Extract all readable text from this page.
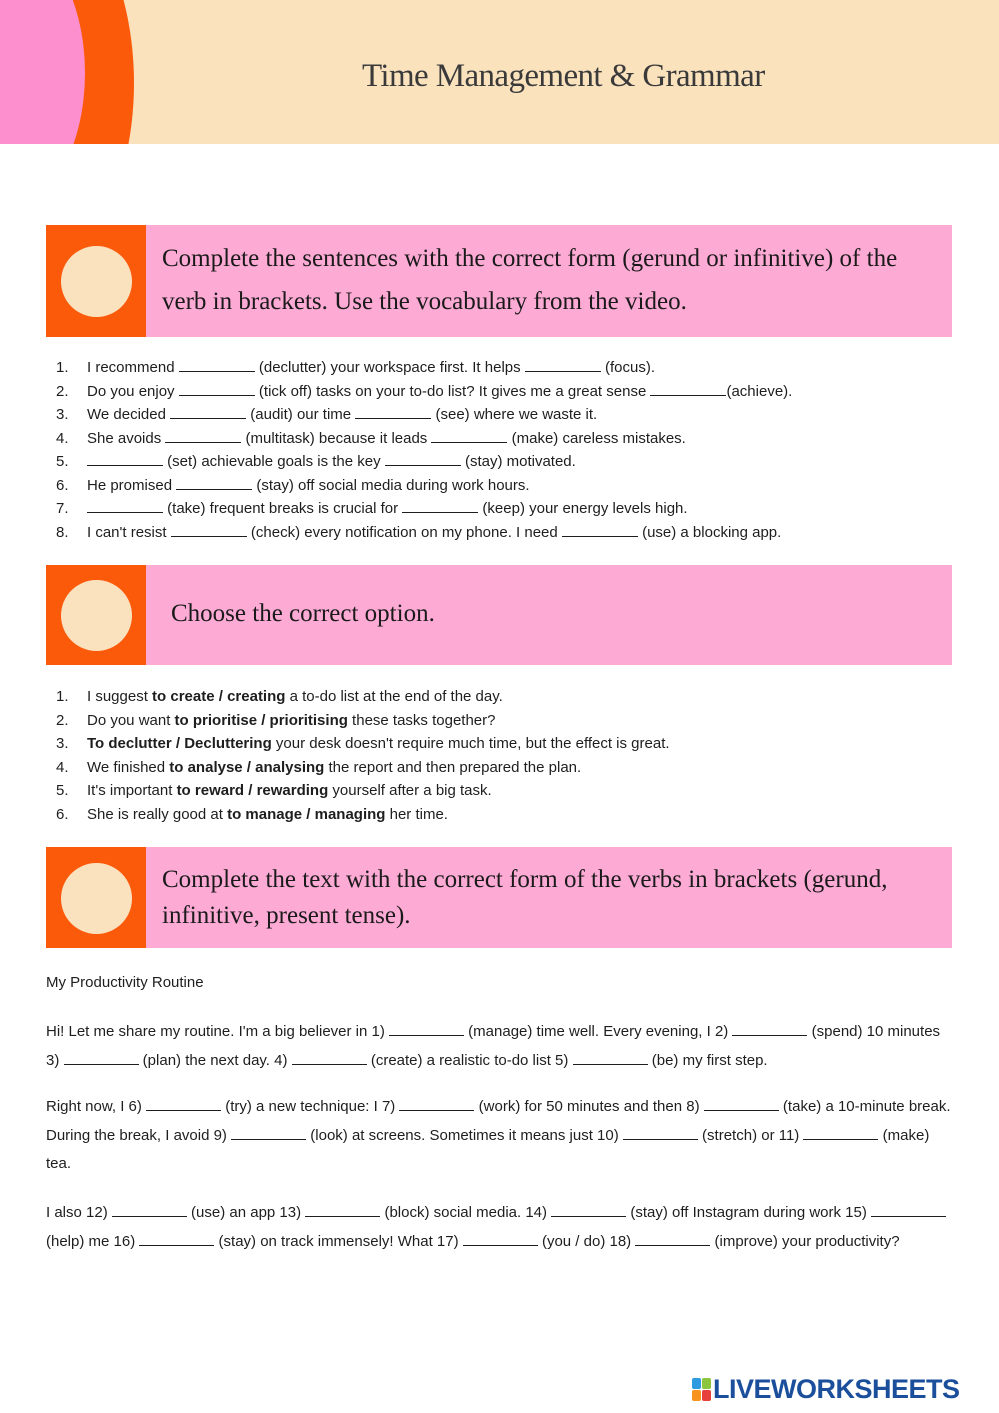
Time Management & Grammar
Complete the sentences with the correct form (gerund or infinitive) of the verb in brackets. Use the vocabulary from the video.
1. I recommend	(declutter) your workspace first. It helps	(focus).
2. Do you enjoy	(tick off) tasks on your to-do list? It gives me a great sense	(achieve).
3. We decided	(audit) our time	(see) where we waste it.
4. She avoids	(multitask) because it leads	(make) careless mistakes.
5.	(set) achievable goals is the key	(stay) motivated.
6. He promised	(stay) off social media during work hours.
7.	(take) frequent breaks is crucial for	(keep) your energy levels high.
8. I can't resist	(check) every notification on my phone. I need	(use) a blocking app.
Choose the correct option.
1. I suggest to create / creating a to-do list at the end of the day.
2. Do you want to prioritise / prioritising these tasks together?
3. To declutter / Decluttering your desk doesn't require much time, but the effect is great.
4. We finished to analyse / analysing the report and then prepared the plan.
5. It's important to reward / rewarding yourself after a big task.
6. She is really good at to manage / managing her time.
Complete the text with the correct form of the verbs in brackets (gerund, infinitive, present tense).
My Productivity Routine
Hi! Let me share my routine. I'm a big believer in 1)	(manage) time well. Every evening, I 2)	(spend) 10 minutes 3)	(plan) the next day. 4)	(create) a realistic to-do list 5)	(be) my first step.
Right now, I 6)	(try) a new technique: I 7)	(work) for 50 minutes and then 8)	(take) a 10-minute break. During the break, I avoid 9)	(look) at screens. Sometimes it means just 10)	(stretch) or 11)	(make) tea.
I also 12)	(use) an app 13)	(block) social media. 14)	(stay) off Instagram during work 15)  (help) me 16)	(stay) on track immensely! What 17)	(you / do) 18)	(improve) your productivity?
LIVEWORKSHEETS
